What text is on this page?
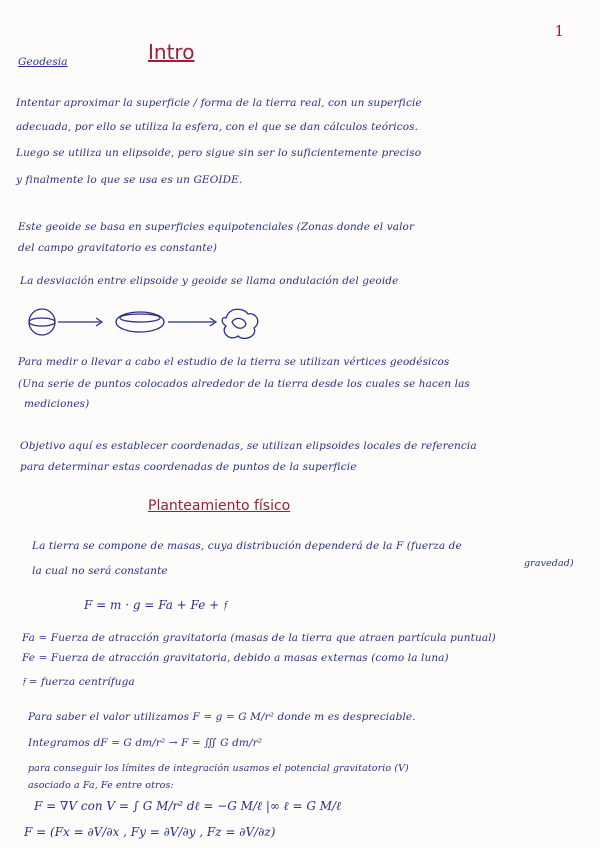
1
Geodesia	Intro
Intentar aproximar la superficie / forma de la tierra real, con un superficie
adecuada, por ello se utiliza la esfera, con el que se dan cálculos teóricos.
Luego se utiliza un elipsoide, pero sigue sin ser lo suficientemente preciso
y finalmente lo que se usa es un GEOIDE.
Este geoide se basa en superficies equipotenciales (Zonas donde el valor
del campo gravitatorio es constante)
La desviación entre elipsoide y geoide se llama ondulación del geoide
Para medir o llevar a cabo el estudio de la tierra se utilizan vértices geodésicos
(Una serie de puntos colocados alrededor de la tierra desde los cuales se hacen las
mediciones)
Objetivo aquí es establecer coordenadas, se utilizan elipsoides locales de referencia
para determinar estas coordenadas de puntos de la superficie
Planteamiento físico
La tierra se compone de masas, cuya distribución dependerá de la F (fuerza de
gravedad)
la cual no será constante
F = m · g = Fa + Fe + 𝔣
Fa = Fuerza de atracción gravitatoria (masas de la tierra que atraen partícula puntual)
Fe = Fuerza de atracción gravitatoria, debido a masas externas (como la luna)
𝔣 = fuerza centrífuga
Para saber el valor utilizamos F = g = G M/r² donde m es despreciable.
Integramos dF = G dm/r² → F = ∭ G dm/r²
para conseguir los límites de integración usamos el potencial gravitatorio (V)
asociado a Fa, Fe entre otros:
F = ∇V con V = ∫ G M/r² dℓ = −G M/ℓ |∞ ℓ = G M/ℓ
F = (Fx = ∂V/∂x , Fy = ∂V/∂y , Fz = ∂V/∂z)
